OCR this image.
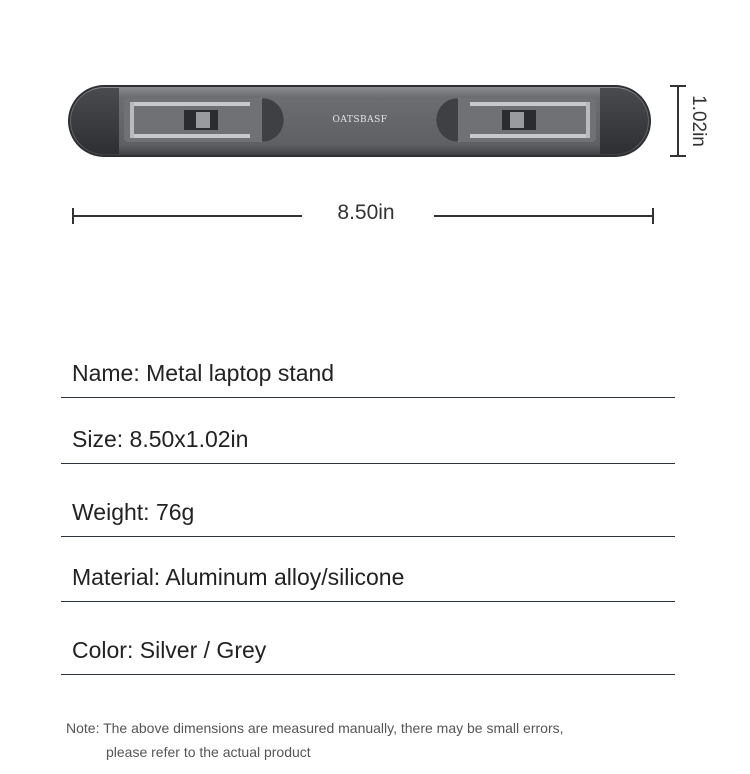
OATSBASF
8.50in
1.02in
Name: Metal laptop stand
Size: 8.50x1.02in
Weight: 76g
Material: Aluminum alloy/silicone
Color: Silver / Grey
Note: The above dimensions are measured manually, there may be small errors,
please refer to the actual product
